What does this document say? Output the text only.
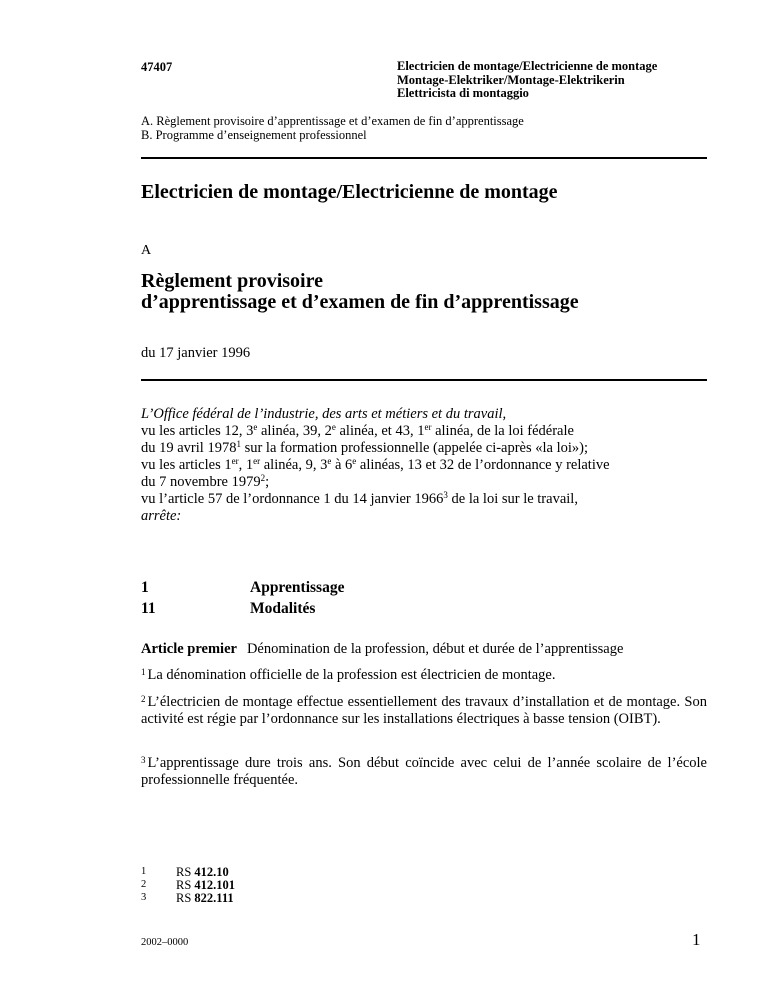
47407	Electricien de montage/Electricienne de montage
Montage-Elektriker/Montage-Elektrikerin
Elettricista di montaggio
A. Règlement provisoire d’apprentissage et d’examen de fin d’apprentissage
B. Programme d’enseignement professionnel
Electricien de montage/Electricienne de montage
A
Règlement provisoire
d’apprentissage et d’examen de fin d’apprentissage
du 17 janvier 1996
L’Office fédéral de l’industrie, des arts et métiers et du travail,
vu les articles 12, 3e alinéa, 39, 2e alinéa, et 43, 1er alinéa, de la loi fédérale
du 19 avril 1978$^1$ sur la formation professionnelle (appelée ci-après «la loi»);
vu les articles 1er, 1er alinéa, 9, 3e à 6e alinéas, 13 et 32 de l’ordonnance y relative
du 7 novembre 1979$^2$;
vu l’article 57 de l’ordonnance 1 du 14 janvier 1966$^3$ de la loi sur le travail,
arrête:
1	Apprentissage
11	Modalités
Article premier Dénomination de la profession, début et durée de l’apprentissage
$^1$ La dénomination officielle de la profession est électricien de montage.
$^2$ L’électricien de montage effectue essentiellement des travaux d’installation et de montage. Son activité est régie par l’ordonnance sur les installations électriques à basse tension (OIBT).
$^3$ L’apprentissage dure trois ans. Son début coïncide avec celui de l’année scolaire de l’école professionnelle fréquentée.
1 RS 412.10
2 RS 412.101
3 RS 822.111
2002–0000	1
